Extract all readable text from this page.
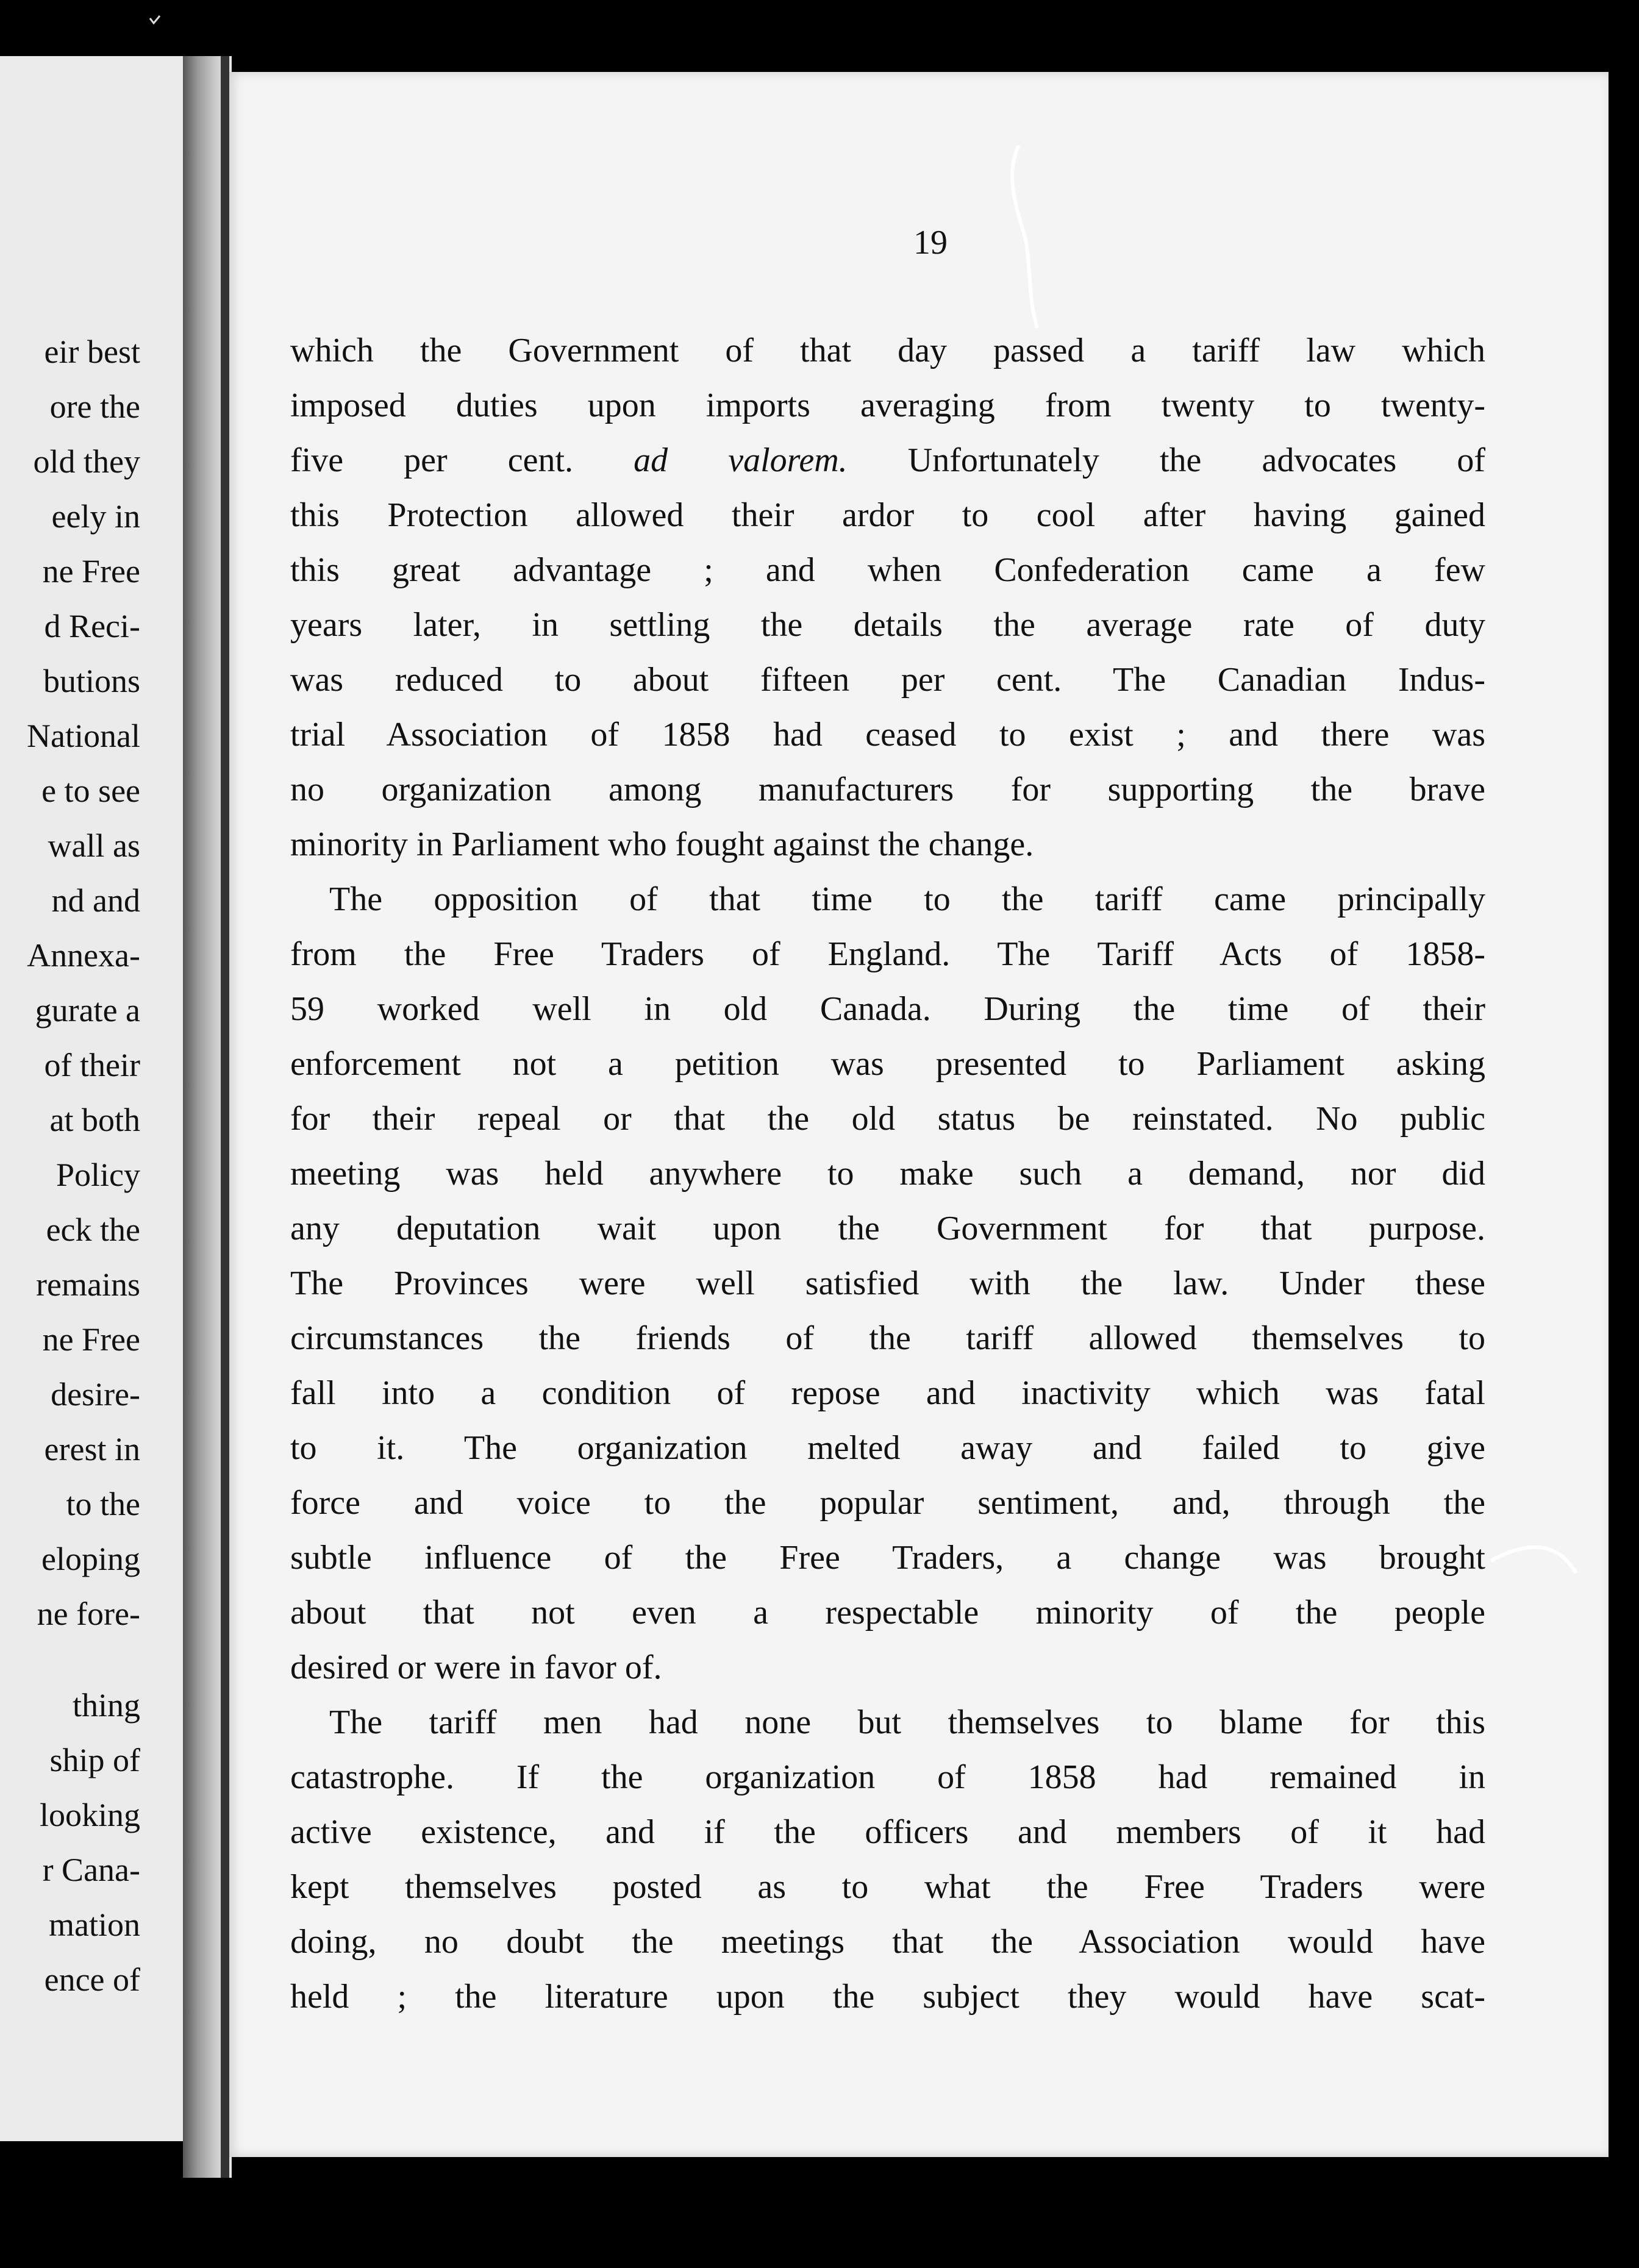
eir best
ore the
old they
eely in
ne Free
d Reci-
butions
National
e to see
wall as
nd and
Annexa-
gurate a
of their
at both
Policy
eck the
remains
ne Free
desire-
erest in
to the
eloping
ne fore-
thing
ship of
looking
r Cana-
mation
ence of
19
which the Government of that day passed a tariff law which
imposed duties upon imports averaging from twenty to twenty-
five per cent. ad valorem. Unfortunately the advocates of
this Protection allowed their ardor to cool after having gained
this great advantage ; and when Confederation came a few
years later, in settling the details the average rate of duty
was reduced to about fifteen per cent. The Canadian Indus-
trial Association of 1858 had ceased to exist ; and there was
no organization among manufacturers for supporting the brave
minority in Parliament who fought against the change.
The opposition of that time to the tariff came principally
from the Free Traders of England. The Tariff Acts of 1858-
59 worked well in old Canada. During the time of their
enforcement not a petition was presented to Parliament asking
for their repeal or that the old status be reinstated. No public
meeting was held anywhere to make such a demand, nor did
any deputation wait upon the Government for that purpose.
The Provinces were well satisfied with the law. Under these
circumstances the friends of the tariff allowed themselves to
fall into a condition of repose and inactivity which was fatal
to it. The organization melted away and failed to give
force and voice to the popular sentiment, and, through the
subtle influence of the Free Traders, a change was brought
about that not even a respectable minority of the people
desired or were in favor of.
The tariff men had none but themselves to blame for this
catastrophe. If the organization of 1858 had remained in
active existence, and if the officers and members of it had
kept themselves posted as to what the Free Traders were
doing, no doubt the meetings that the Association would have
held ; the literature upon the subject they would have scat-
